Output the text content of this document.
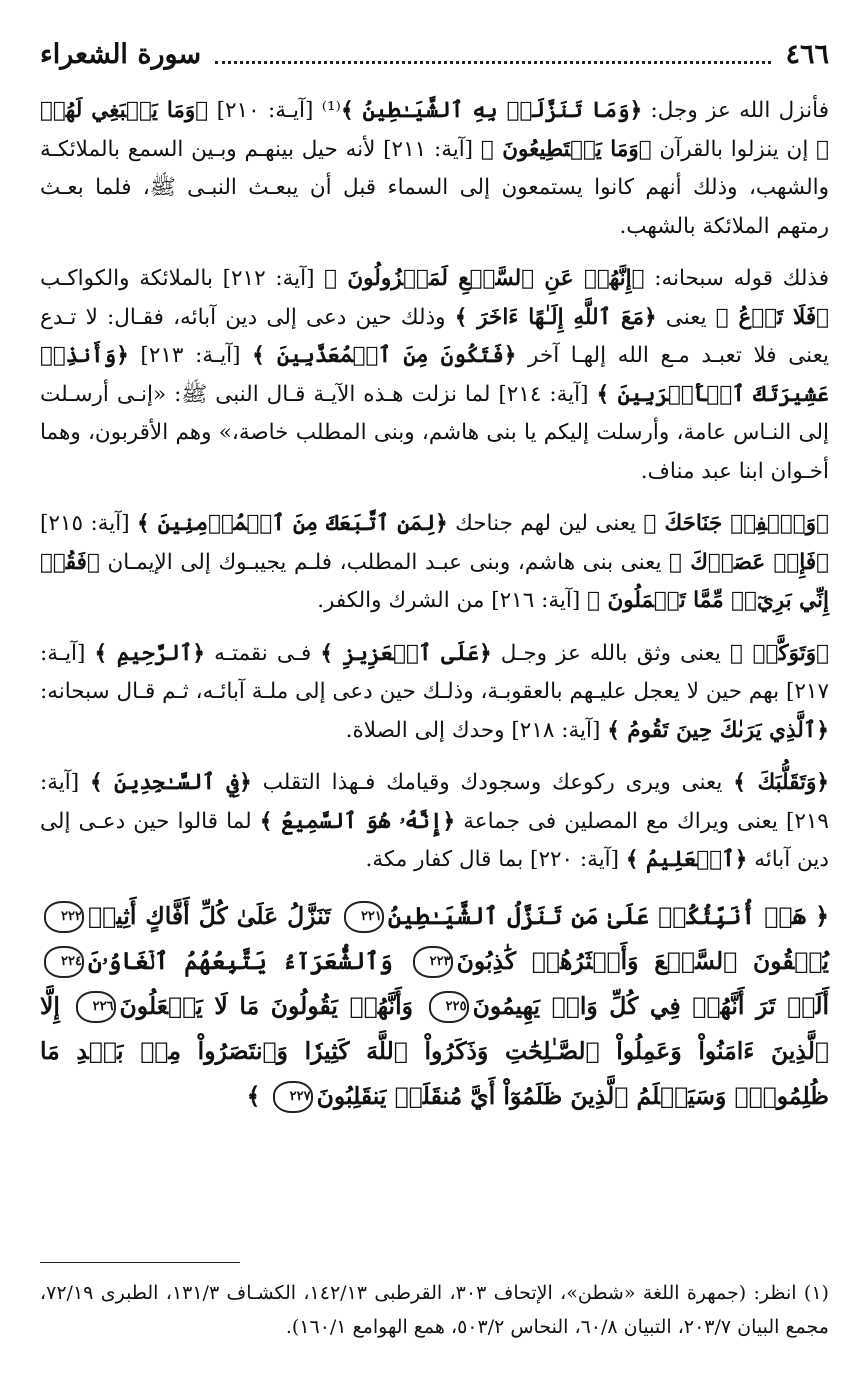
٤٦٦
سورة الشعراء

فأنزل الله عز وجل: ﴿وَمَا تَنَزَّلَتۡ بِهِ ٱلشَّيَـٰطِينُ ﴾⁽¹⁾ [آيـة: ٢١٠] ﴿وَمَا يَنۢبَغِي لَهُمۡ ﴾ إن ينزلوا بالقرآن ﴿وَمَا يَسۡتَطِيعُونَ ﴾ [آية: ٢١١] لأنه حيل بينهـم وبـين السمع بالملائكـة والشهب، وذلك أنهم كانوا يستمعون إلى السماء قبل أن يبعـث النبـى ﷺ، فلما بعـث رمتهم الملائكة بالشهب.

فذلك قوله سبحانه: ﴿إِنَّهُمۡ عَنِ ٱلسَّمۡعِ لَمَعۡزُولُونَ ﴾ [آية: ٢١٢] بالملائكة والكواكـب ﴿فَلَا تَدۡعُ ﴾ يعنى ﴿مَعَ ٱللَّهِ إِلَـٰهًا ءَاخَرَ ﴾ وذلك حين دعى إلى دين آبائه، فقـال: لا تـدع يعنى فلا تعبـد مـع الله إلهـا آخر ﴿فَتَكُونَ مِنَ ٱلۡمُعَذَّبِينَ ﴾ [آيـة: ٢١٣] ﴿وَأَنذِرۡ عَشِيرَتَكَ ٱلۡأَقۡرَبِينَ ﴾ [آية: ٢١٤] لما نزلت هـذه الآيـة قـال النبى ﷺ: «إنـى أرسـلت إلى النـاس عامة، وأرسلت إليكم يا بنى هاشم، وبنى المطلب خاصة،» وهم الأقربون، وهما أخـوان ابنا عبد مناف.

﴿وَٱخۡفِضۡ جَنَاحَكَ ﴾ يعنى لين لهم جناحك ﴿لِمَنِ ٱتَّبَعَكَ مِنَ ٱلۡمُؤۡمِنِينَ ﴾ [آية: ٢١٥] ﴿فَإِنۡ عَصَوۡكَ ﴾ يعنى بنى هاشم، وبنى عبـد المطلب، فلـم يجيبـوك إلى الإيمـان ﴿فَقُلۡ إِنِّي بَرِيٓءٞ مِّمَّا تَعۡمَلُونَ ﴾ [آية: ٢١٦] من الشرك والكفر.

﴿وَتَوَكَّلۡ ﴾ يعنى وثق بالله عز وجـل ﴿عَلَى ٱلۡعَزِيزِ ﴾ فـى نقمتـه ﴿ٱلرَّحِيمِ ﴾ [آيـة: ٢١٧] بهم حين لا يعجل عليـهم بالعقوبـة، وذلـك حين دعى إلى ملـة آبائـه، ثـم قـال سبحانه: ﴿ٱلَّذِي يَرَىٰكَ حِينَ تَقُومُ ﴾ [آية: ٢١٨] وحدك إلى الصلاة.

﴿وَتَقَلُّبَكَ ﴾ يعنى ويرى ركوعك وسجودك وقيامك فـهذا التقلب ﴿فِي ٱلسَّـٰجِدِينَ ﴾ [آية: ٢١٩] يعنى ويراك مع المصلين فى جماعة ﴿إِنَّهُۥ هُوَ ٱلسَّمِيعُ ﴾ لما قالوا حين دعـى إلى دين آبائه ﴿ٱلۡعَلِيمُ ﴾ [آية: ٢٢٠] بما قال كفار مكة.

﴿ هَلۡ أُنَبِّئُكُمۡ عَلَىٰ مَن تَنَزَّلُ ٱلشَّيَـٰطِينُ٢٢١ تَنَزَّلُ عَلَىٰ كُلِّ أَفَّاكٍ أَثِيمٖ٢٢٢ يُلۡقُونَ ٱلسَّمۡعَ وَأَكۡثَرُهُمۡ كَٰذِبُونَ٢٢٣ وَٱلشُّعَرَآءُ يَتَّبِعُهُمُ ٱلۡغَاوُۥنَ٢٢٤ أَلَمۡ تَرَ أَنَّهُمۡ فِي كُلِّ وَادٖ يَهِيمُونَ٢٢٥ وَأَنَّهُمۡ يَقُولُونَ مَا لَا يَفۡعَلُونَ٢٢٦ إِلَّا ٱلَّذِينَ ءَامَنُواْ وَعَمِلُواْ ٱلصَّـٰلِحَٰتِ وَذَكَرُواْ ٱللَّهَ كَثِيرٗا وَٱنتَصَرُواْ مِنۢ بَعۡدِ مَا ظُلِمُواْۗ وَسَيَعۡلَمُ ٱلَّذِينَ ظَلَمُوٓاْ أَيَّ مُنقَلَبٖ يَنقَلِبُونَ٢٢٧ ﴾
(١) انظر: (جمهرة اللغة «شطن»، الإتحاف ٣٠٣، القرطبى ١٤٢/١٣، الكشـاف ١٣١/٣، الطبرى ٧٢/١٩، مجمع البيان ٢٠٣/٧، التبيان ٦٠/٨، النحاس ٥٠٣/٢، همع الهوامع ١٦٠/١).
